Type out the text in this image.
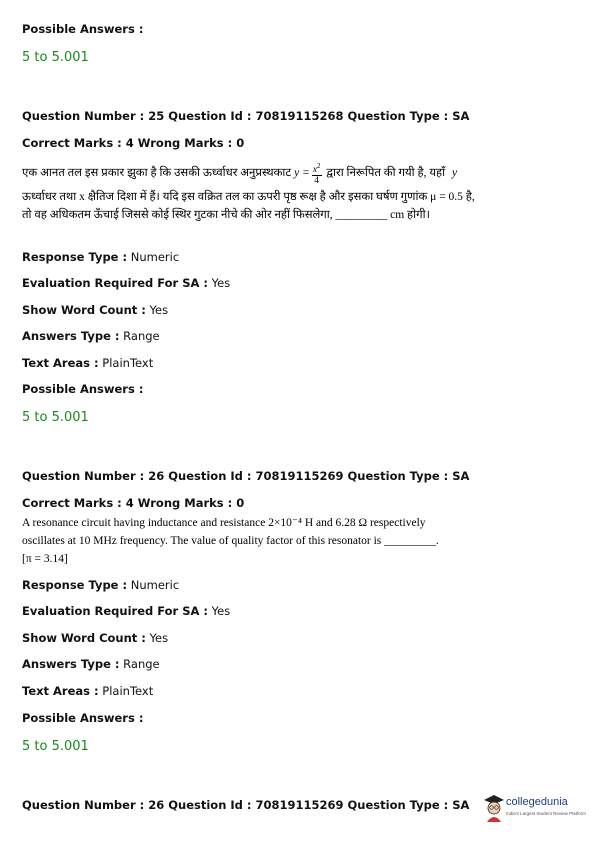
Possible Answers :
5 to 5.001
Question Number : 25 Question Id : 70819115268 Question Type : SA
Correct Marks : 4 Wrong Marks : 0
एक आनत तल इस प्रकार झुका है कि उसकी ऊर्ध्वाधर अनुप्रस्थकाट $y = \frac{x^2}{4}$ द्वारा निरूपित की गयी है, यहाँ y
ऊर्ध्वाधर तथा x क्षैतिज दिशा में हैं। यदि इस वक्रित तल का ऊपरी पृष्ठ रूक्ष है और इसका घर्षण गुणांक μ = 0.5 है,
तो वह अधिकतम ऊँचाई जिससे कोई स्थिर गुटका नीचे की ओर नहीं फिसलेगा, _________ cm होगी।
Response Type : Numeric
Evaluation Required For SA : Yes
Show Word Count : Yes
Answers Type : Range
Text Areas : PlainText
Possible Answers :
5 to 5.001
Question Number : 26 Question Id : 70819115269 Question Type : SA
Correct Marks : 4 Wrong Marks : 0
A resonance circuit having inductance and resistance 2×10⁻⁴ H and 6.28 Ω respectively
oscillates at 10 MHz frequency. The value of quality factor of this resonator is _________.
[π = 3.14]
Response Type : Numeric
Evaluation Required For SA : Yes
Show Word Count : Yes
Answers Type : Range
Text Areas : PlainText
Possible Answers :
5 to 5.001
Question Number : 26 Question Id : 70819115269 Question Type : SA	collegedunia
India's Largest Student Review Platform
